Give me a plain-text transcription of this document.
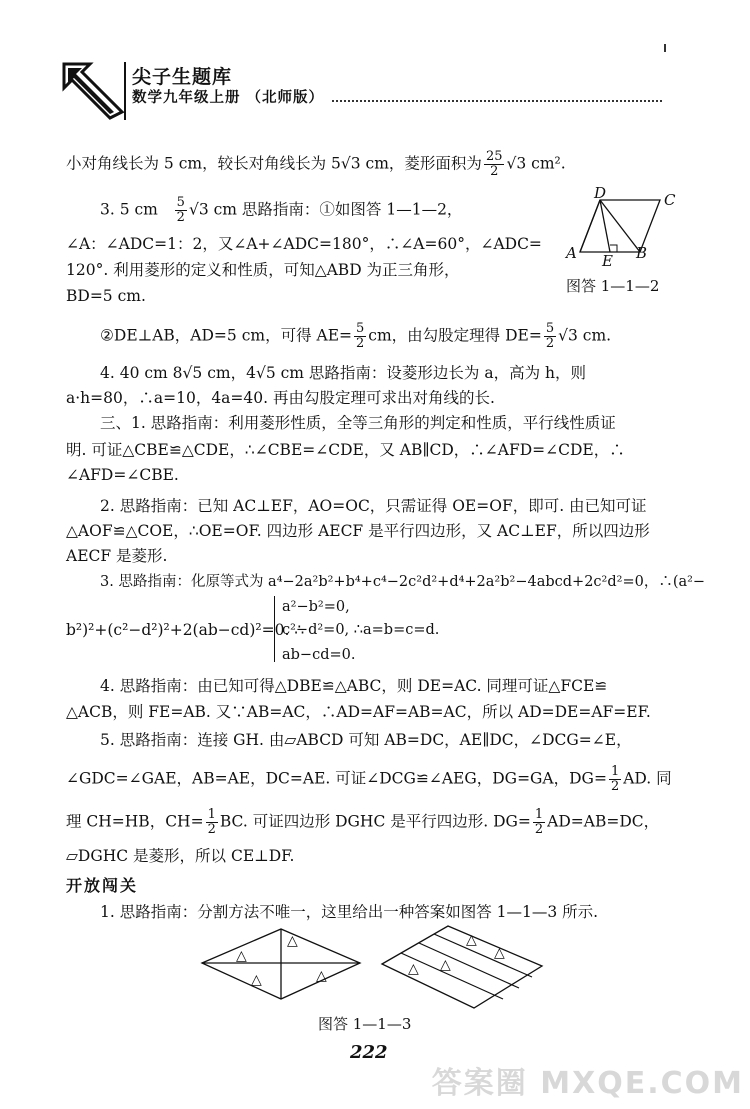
尖子生题库
数学九年级上册 （北师版）
小对角线长为 5 cm，较长对角线长为 5√3 cm，菱形面积为 $\frac{25}{2} √3$ cm².
3. 5 cm $\frac{5}{2} √3$ cm 思路指南：①如图答 1—1—2，
∠A：∠ADC=1：2，又∠A+∠ADC=180°，∴∠A=60°，∠ADC=
120°. 利用菱形的定义和性质，可知△ABD 为正三角形，
BD=5 cm.
D	C
A E B
图答 1—1—2
②DE⊥AB，AD=5 cm，可得 $AE= \frac{5}{2}$ cm，由勾股定理得 $DE= \frac{5}{2} √3$ cm.
4. 40 cm 8√5 cm，4√5 cm 思路指南：设菱形边长为 a，高为 h，则
a·h=80，∴a=10，4a=40. 再由勾股定理可求出对角线的长.
三、1. 思路指南：利用菱形性质，全等三角形的判定和性质，平行线性质证
明. 可证△CBE≌△CDE，∴∠CBE=∠CDE，又 AB∥CD，∴∠AFD=∠CDE，∴
∠AFD=∠CBE.
2. 思路指南：已知 AC⊥EF，AO=OC，只需证得 OE=OF，即可. 由已知可证
△AOF≌△COE，∴OE=OF. 四边形 AECF 是平行四边形，又 AC⊥EF，所以四边形
AECF 是菱形.
3. 思路指南：化原等式为 a⁴−2a²b²+b⁴+c⁴−2c²d²+d⁴+2a²b²−4abcd+2c²d²=0，∴(a²−
b²)²+(c²−d²)²+2(ab−cd)²=0. ∴
a²−b²=0,
c²−d²=0, ∴a=b=c=d.
ab−cd=0.
4. 思路指南：由已知可得△DBE≌△ABC，则 DE=AC. 同理可证△FCE≌
△ACB，则 FE=AB. 又∵AB=AC，∴AD=AF=AB=AC，所以 AD=DE=AF=EF.
5. 思路指南：连接 GH. 由▱ABCD 可知 AB=DC，AE∥DC，∠DCG=∠E，
∠GDC=∠GAE，AB=AE，DC=AE. 可证∠DCG≌∠AEG，DG=GA，$DG= \frac{1}{2}$ AD. 同
理 CH=HB，$CH= \frac{1}{2}$ BC. 可证四边形 DGHC 是平行四边形. $DG= \frac{1}{2} AD=AB=DC$，
▱DGHC 是菱形，所以 CE⊥DF.
开放闯关
1. 思路指南：分割方法不唯一，这里给出一种答案如图答 1—1—3 所示.
△
△
△	△
△
△
△
△
图答 1—1—3
222
答案圈 MXQE.COM
